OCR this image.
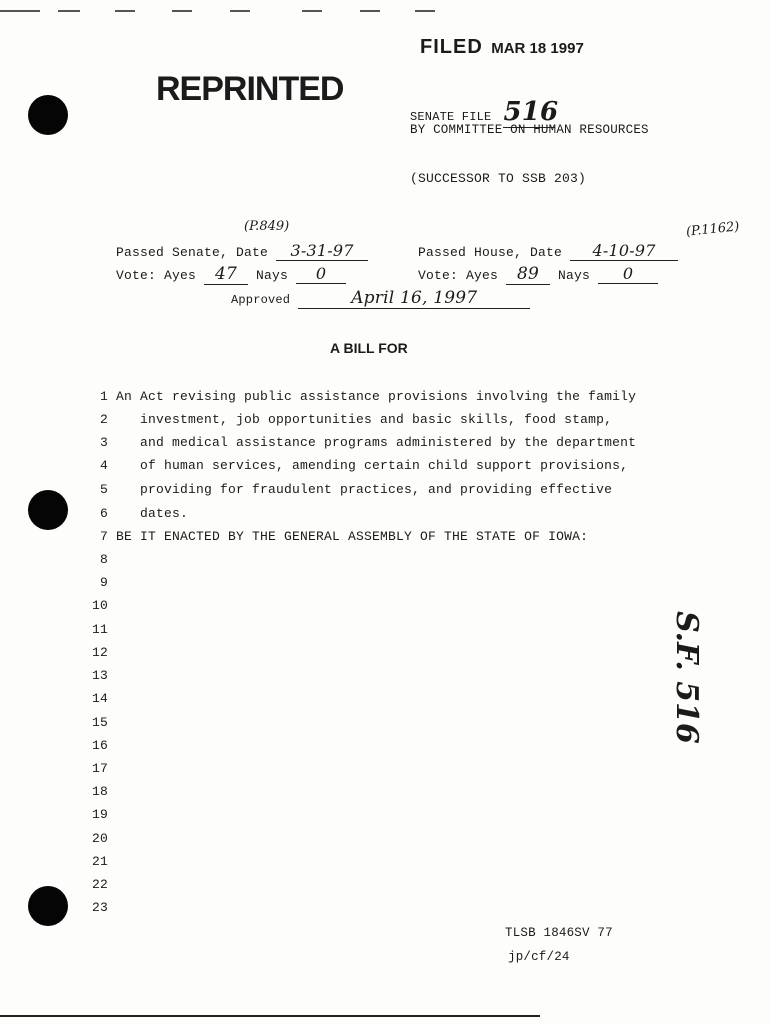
FILED MAR 18 1997
REPRINTED
SENATE FILE 516
BY COMMITTEE ON HUMAN RESOURCES
(SUCCESSOR TO SSB 203)
(P.849)	(P.1162)
Passed Senate, Date 3-31-97	Passed House, Date 4-10-97
Vote: Ayes 47 Nays 0	Vote: Ayes 89 Nays 0
Approved	April 16, 1997
A BILL FOR
1 An Act revising public assistance provisions involving the family
2 investment, job opportunities and basic skills, food stamp,
3 and medical assistance programs administered by the department
4 of human services, amending certain child support provisions,
5 providing for fraudulent practices, and providing effective
6 dates.
7 BE IT ENACTED BY THE GENERAL ASSEMBLY OF THE STATE OF IOWA:
8
9
10
11
12
13
14
15
16
17
18
19
20
21
22
23
S.F. 516
TLSB 1846SV 77
jp/cf/24
